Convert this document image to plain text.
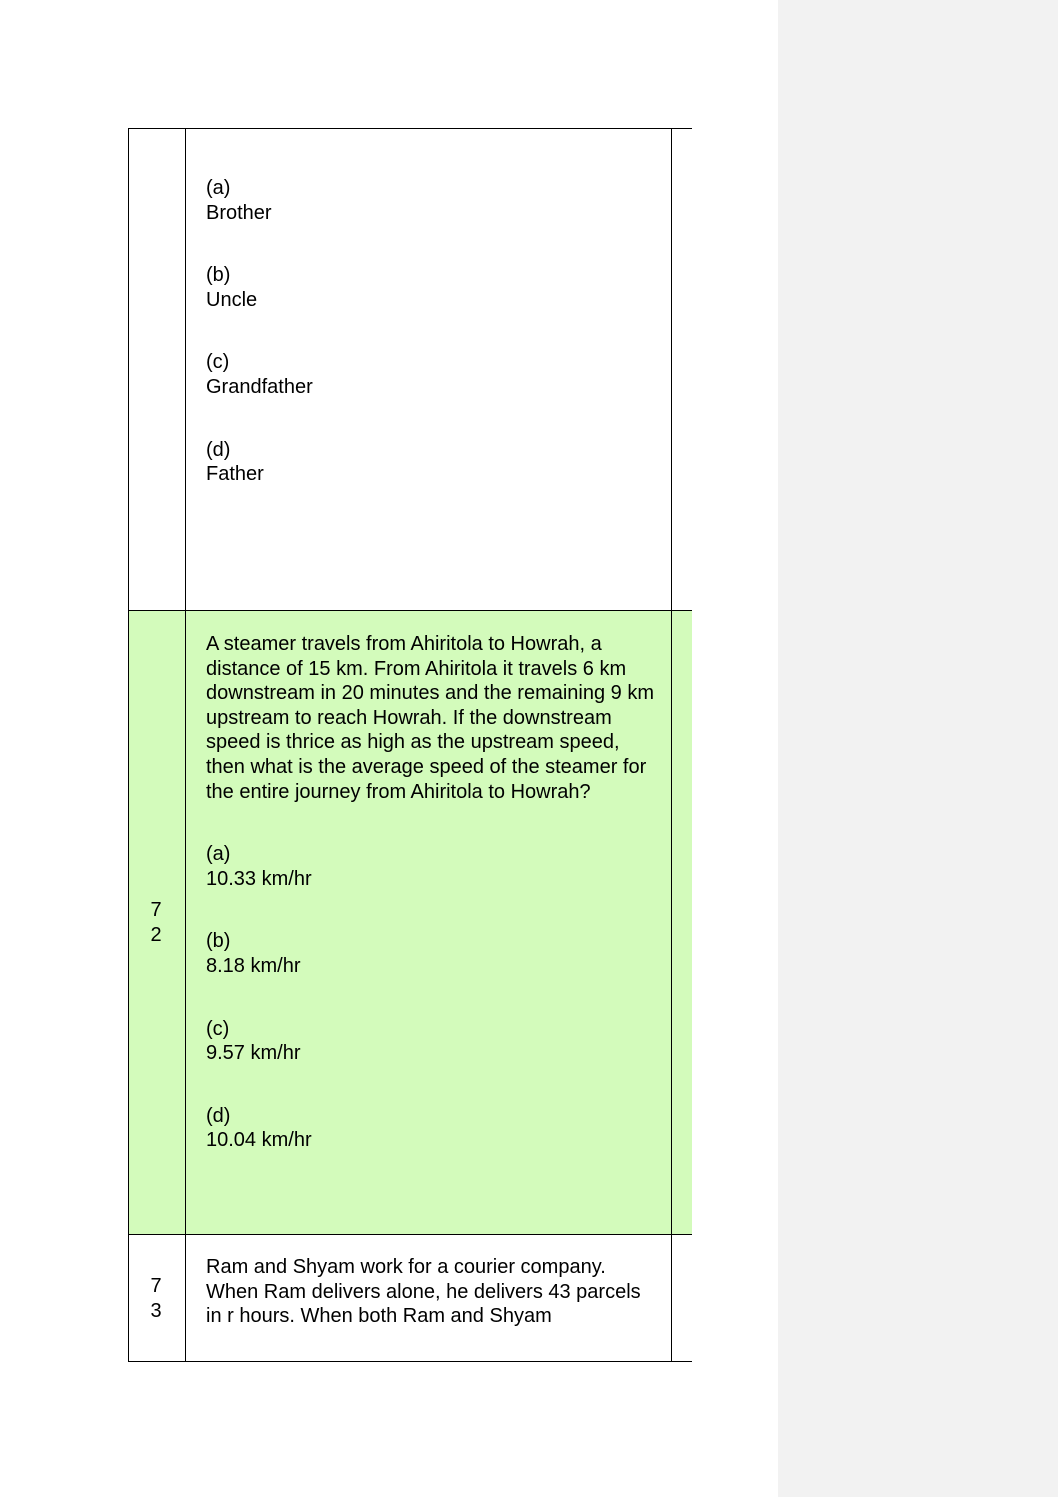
(a)
Brother
(b)
Uncle
(c)
Grandfather
(d)
Father
7
2
A steamer travels from Ahiritola to Howrah, a distance of 15 km. From Ahiritola it travels 6 km downstream in 20 minutes and the remaining 9 km upstream to reach Howrah. If the downstream speed is thrice as high as the upstream speed, then what is the average speed of the steamer for the entire journey from Ahiritola to Howrah?
(a)
10.33 km/hr
(b)
8.18 km/hr
(c)
9.57 km/hr
(d)
10.04 km/hr
7
3
Ram and Shyam work for a courier company. When Ram delivers alone, he delivers 43 parcels in r hours. When both Ram and Shyam
